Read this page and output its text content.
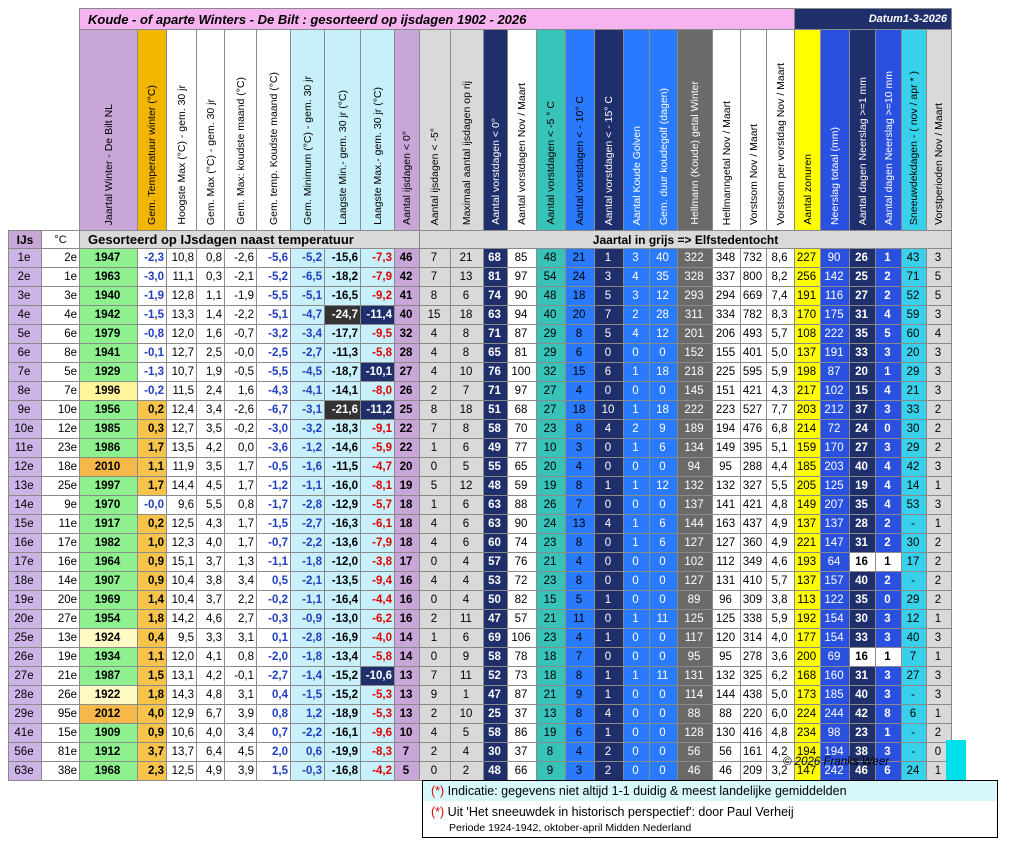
		Koude - of aparte Winters - De Bilt : gesorteerd op ijsdagen 1902 - 2026																							Datum 1-3-2026					

		Jaartal Winter - De Bilt NL	Gem. Temperatuur winter (°C)	Hoogste Max (°C) - gem. 30 jr	Gem. Max (°C) - gem. 30 jr	Gem. Max: koudste maand (°C)	Gem. temp. Koudste maand (°C)	Gem. Minimum (°C) - gem. 30 jr	Laagste Min.- gem. 30 jr (°C)	Laagste Max.- gem. 30 jr (°C)	Aantal ijsdagen < 0°	Aantal ijsdagen < -5°	Maximaal aantal ijsdagen op rij	Aantal vorstdagen < 0°	Aantal vorstdagen Nov / Maart	Aantal vorstdagen < -5 ° C	Aantal vorstdagen < - 10° C	Aantal vorstdagen < - 15° C	Aantal Koude Golven	Gem. duur koudegolf (dagen)	Hellmann (Koude) getal Winter	Hellmanngetal Nov / Maart	Vorstsom Nov / Maart	Vorstsom per vorstdag Nov / Maart	Aantal zonuren	Neerslag totaal (mm)	Aantal dagen Neerslag >=1 mm	Aantal dagen Neerslag >=10 mm	Sneeuwdekdagen - ( nov / apr * )	Vorstperioden Nov / Maart
IJs	°C	Gesorteerd op IJsdagen naast temperatuur										Jaartal in grijs => Elfstedentocht																		
1e	2e	1947	-2,3	10,8	0,8	-2,6	-5,6	-5,2	-15,6	-7,3	46	7	21	68	85	48	21	1	3	40	322	348	732	8,6	227	90	26	1	43	3
2e	1e	1963	-3,0	11,1	0,3	-2,1	-5,2	-6,5	-18,2	-7,9	42	7	13	81	97	54	24	3	4	35	328	337	800	8,2	256	142	25	2	71	5
3e	3e	1940	-1,9	12,8	1,1	-1,9	-5,5	-5,1	-16,5	-9,2	41	8	6	74	90	48	18	5	3	12	293	294	669	7,4	191	116	27	2	52	5
4e	4e	1942	-1,5	13,3	1,4	-2,2	-5,1	-4,7	-24,7	-11,4	40	15	18	63	94	40	20	7	2	28	311	334	782	8,3	170	175	31	4	59	3
5e	6e	1979	-0,8	12,0	1,6	-0,7	-3,2	-3,4	-17,7	-9,5	32	4	8	71	87	29	8	5	4	12	201	206	493	5,7	108	222	35	5	60	4
6e	8e	1941	-0,1	12,7	2,5	-0,0	-2,5	-2,7	-11,3	-5,8	28	4	8	65	81	29	6	0	0	0	152	155	401	5,0	137	191	33	3	20	3
7e	5e	1929	-1,3	10,7	1,9	-0,5	-5,5	-4,5	-18,7	-10,1	27	4	10	76	100	32	15	6	1	18	218	225	595	5,9	198	87	20	1	29	3
8e	7e	1996	-0,2	11,5	2,4	1,6	-4,3	-4,1	-14,1	-8,0	26	2	7	71	97	27	4	0	0	0	145	151	421	4,3	217	102	15	4	21	3
9e	10e	1956	0,2	12,4	3,4	-2,6	-6,7	-3,1	-21,6	-11,2	25	8	18	51	68	27	18	10	1	18	222	223	527	7,7	203	212	37	3	33	2
10e	12e	1985	0,3	12,7	3,5	-0,2	-3,0	-3,2	-18,3	-9,1	22	7	8	58	70	23	8	4	2	9	189	194	476	6,8	214	72	24	0	30	2
11e	23e	1986	1,7	13,5	4,2	0,0	-3,6	-1,2	-14,6	-5,9	22	1	6	49	77	10	3	0	1	6	134	149	395	5,1	159	170	27	3	29	2
12e	18e	2010	1,1	11,9	3,5	1,7	-0,5	-1,6	-11,5	-4,7	20	0	5	55	65	20	4	0	0	0	94	95	288	4,4	185	203	40	4	42	3
13e	25e	1997	1,7	14,4	4,5	1,7	-1,2	-1,1	-16,0	-8,1	19	5	12	48	59	19	8	1	1	12	132	132	327	5,5	205	125	19	4	14	1
14e	9e	1970	-0,0	9,6	5,5	0,8	-1,7	-2,8	-12,9	-5,7	18	1	6	63	88	26	7	0	0	0	137	141	421	4,8	149	207	35	4	53	3
15e	11e	1917	0,2	12,5	4,3	1,7	-1,5	-2,7	-16,3	-6,1	18	4	6	63	90	24	13	4	1	6	144	163	437	4,9	137	137	28	2	-	1
16e	17e	1982	1,0	12,3	4,0	1,7	-0,7	-2,2	-13,6	-7,9	18	4	6	60	74	23	8	0	1	6	127	127	360	4,9	221	147	31	2	30	2
17e	16e	1964	0,9	15,1	3,7	1,3	-1,1	-1,8	-12,0	-3,8	17	0	4	57	76	21	4	0	0	0	102	112	349	4,6	193	64	16	1	17	2
18e	14e	1907	0,9	10,4	3,8	3,4	0,5	-2,1	-13,5	-9,4	16	4	4	53	72	23	8	0	0	0	127	131	410	5,7	137	157	40	2	-	2
19e	20e	1969	1,4	10,4	3,7	2,2	-0,2	-1,1	-16,4	-4,4	16	0	4	50	82	15	5	1	0	0	89	96	309	3,8	113	122	35	0	29	2
20e	27e	1954	1,8	14,2	4,6	2,7	-0,3	-0,9	-13,0	-6,2	16	2	11	47	57	21	11	0	1	11	125	125	338	5,9	192	154	30	3	12	1
25e	13e	1924	0,4	9,5	3,3	3,1	0,1	-2,8	-16,9	-4,0	14	1	6	69	106	23	4	1	0	0	117	120	314	4,0	177	154	33	3	40	3
26e	19e	1934	1,1	12,0	4,1	0,8	-2,0	-1,8	-13,4	-5,8	14	0	9	58	78	18	7	0	0	0	95	95	278	3,6	200	69	16	1	7	1
27e	21e	1987	1,5	13,1	4,2	-0,1	-2,7	-1,4	-15,2	-10,6	13	7	11	52	73	18	8	1	1	11	131	132	325	6,2	168	160	31	3	27	3
28e	26e	1922	1,8	14,3	4,8	3,1	0,4	-1,5	-15,2	-5,3	13	9	1	47	87	21	9	1	0	0	114	144	438	5,0	173	185	40	3	-	3
29e	95e	2012	4,0	12,9	6,7	3,9	0,8	1,2	-18,9	-5,3	13	2	10	25	37	13	8	4	0	0	88	88	220	6,0	224	244	42	8	6	1
41e	15e	1909	0,9	10,6	4,0	3,4	0,7	-2,2	-16,1	-9,6	10	4	5	58	86	19	6	1	0	0	128	130	416	4,8	234	98	23	1	-	2
56e	81e	1912	3,7	13,7	6,4	4,5	2,0	0,6	-19,9	-8,3	7	2	4	30	37	8	4	2	0	0	56	56	161	4,2	194	194	38	3	-	0
63e	38e	1968	2,3	12,5	4,9	3,9	1,5	-0,3	-16,8	-4,2	5	0	2	48	66	9	3	2	0	0	46	46	209	3,2	147	242	46	6	24	1
© 2026 Franks Weer
(*) Indicatie: gegevens niet altijd 1-1 duidig & meest landelijke gemiddelden
(*) Uit 'Het sneeuwdek in historisch perspectief': door Paul Verheij
Periode 1924-1942, oktober-april Midden Nederland
